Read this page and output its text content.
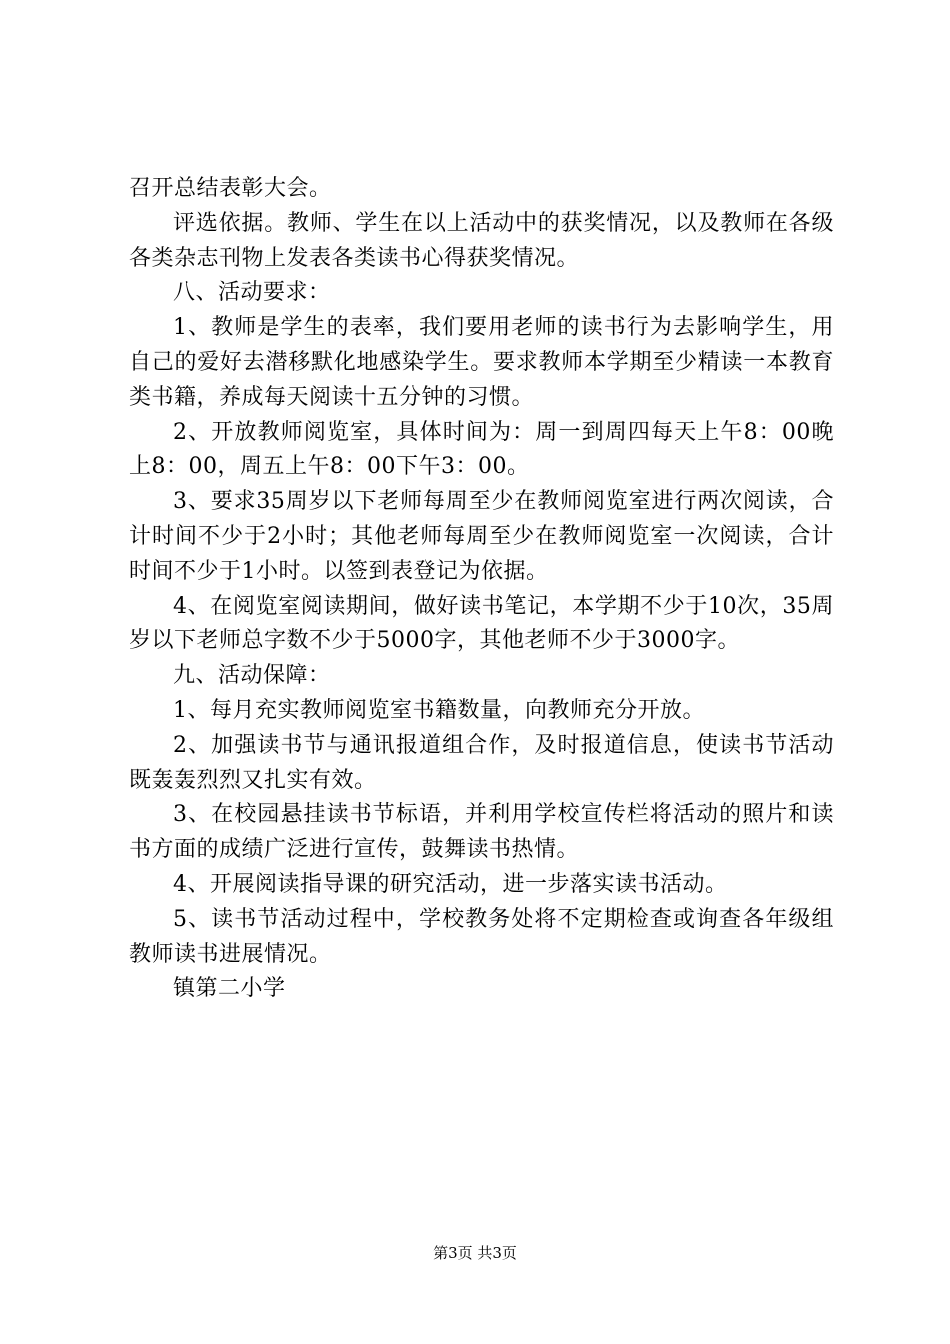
召开总结表彰大会。

评选依据。教师、学生在以上活动中的获奖情况，以及教师在各级各类杂志刊物上发表各类读书心得获奖情况。

八、活动要求：

1、教师是学生的表率，我们要用老师的读书行为去影响学生，用自己的爱好去潜移默化地感染学生。要求教师本学期至少精读一本教育类书籍，养成每天阅读十五分钟的习惯。

2、开放教师阅览室，具体时间为：周一到周四每天上午8：00晚上8：00，周五上午8：00下午3：00。

3、要求35周岁以下老师每周至少在教师阅览室进行两次阅读，合计时间不少于2小时；其他老师每周至少在教师阅览室一次阅读，合计时间不少于1小时。以签到表登记为依据。

4、在阅览室阅读期间，做好读书笔记，本学期不少于10次，35周岁以下老师总字数不少于5000字，其他老师不少于3000字。

九、活动保障：

1、每月充实教师阅览室书籍数量，向教师充分开放。

2、加强读书节与通讯报道组合作，及时报道信息，使读书节活动既轰轰烈烈又扎实有效。

3、在校园悬挂读书节标语，并利用学校宣传栏将活动的照片和读书方面的成绩广泛进行宣传，鼓舞读书热情。

4、开展阅读指导课的研究活动，进一步落实读书活动。

5、读书节活动过程中，学校教务处将不定期检查或询查各年级组教师读书进展情况。

镇第二小学

第3页 共3页
